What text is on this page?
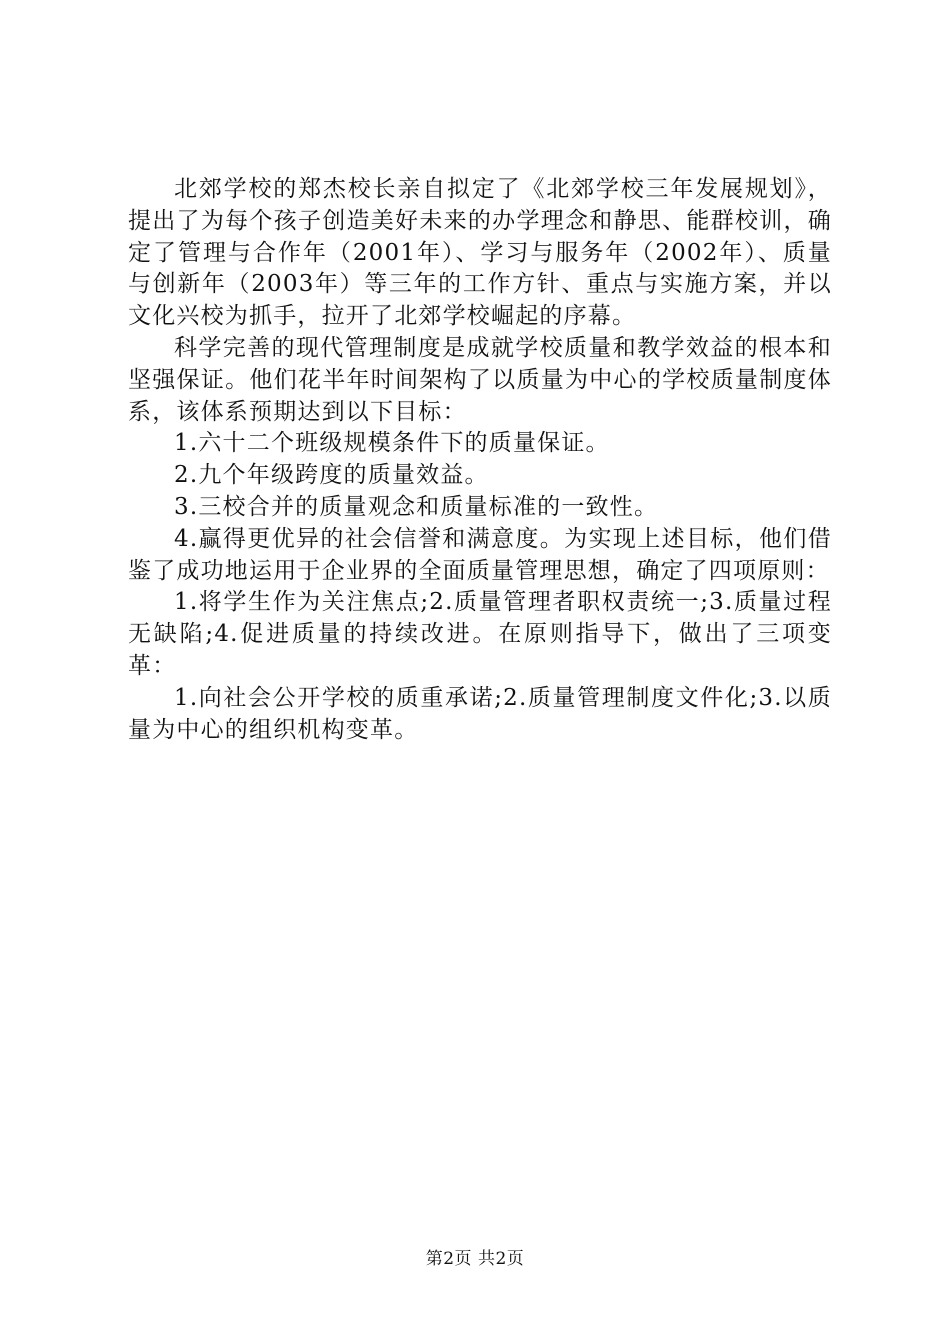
北郊学校的郑杰校长亲自拟定了《北郊学校三年发展规划》，提出了为每个孩子创造美好未来的办学理念和静思、能群校训，确定了管理与合作年（2001年）、学习与服务年（2002年）、质量与创新年（2003年）等三年的工作方针、重点与实施方案，并以文化兴校为抓手，拉开了北郊学校崛起的序幕。

科学完善的现代管理制度是成就学校质量和教学效益的根本和坚强保证。他们花半年时间架构了以质量为中心的学校质量制度体系，该体系预期达到以下目标：

1.六十二个班级规模条件下的质量保证。

2.九个年级跨度的质量效益。

3.三校合并的质量观念和质量标准的一致性。

4.赢得更优异的社会信誉和满意度。为实现上述目标，他们借鉴了成功地运用于企业界的全面质量管理思想，确定了四项原则：

1.将学生作为关注焦点;2.质量管理者职权责统一;3.质量过程无缺陷;4.促进质量的持续改进。在原则指导下，做出了三项变革：

1.向社会公开学校的质重承诺;2.质量管理制度文件化;3.以质量为中心的组织机构变革。

第2页 共2页
